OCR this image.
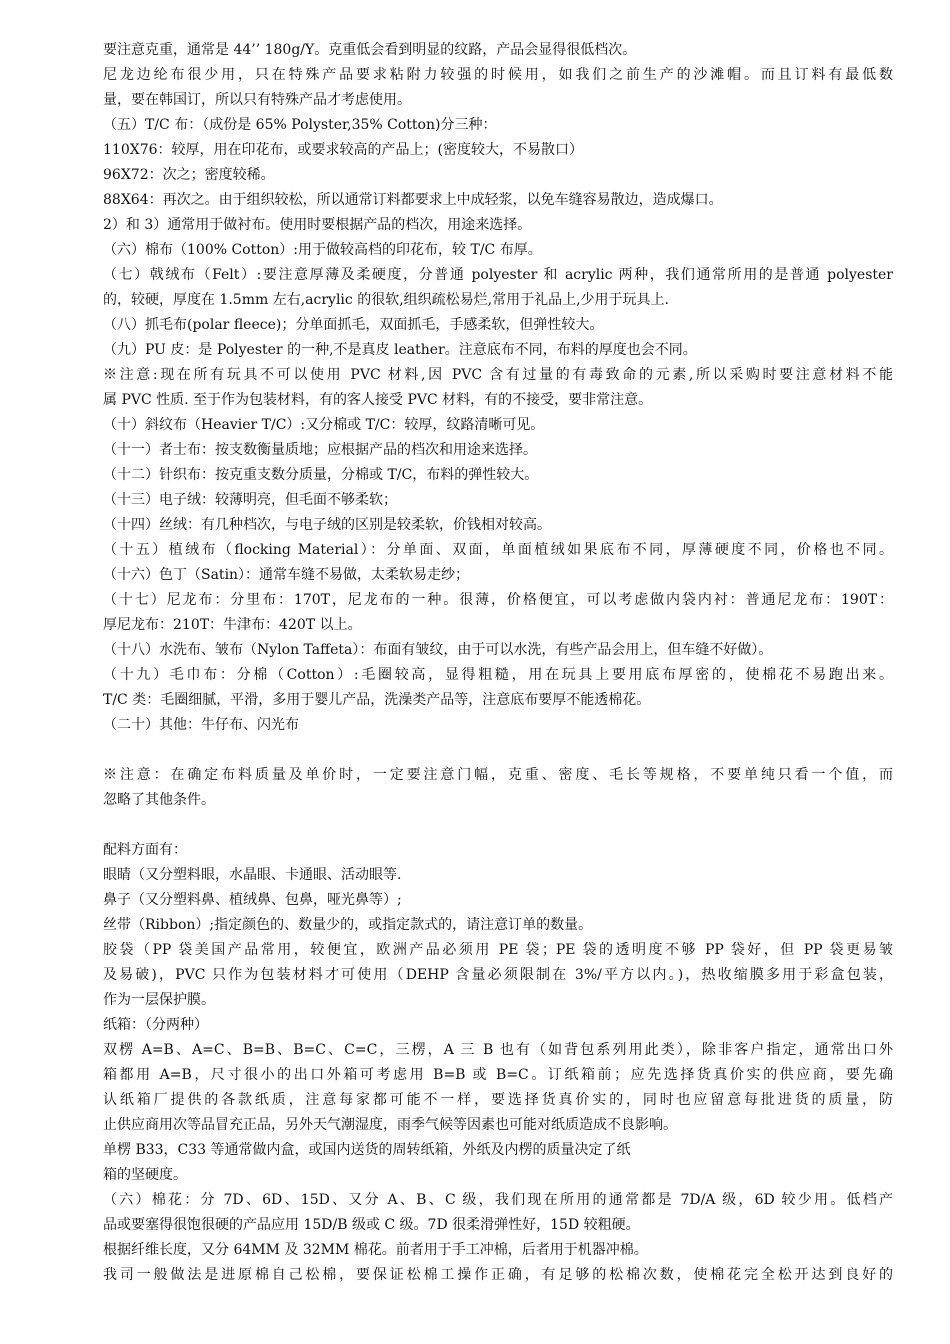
要注意克重，通常是 44’’ 180g/Y。克重低会看到明显的纹路，产品会显得很低档次。
尼龙边纶布很少用，只在特殊产品要求粘附力较强的时候用，如我们之前生产的沙滩帽。而且订料有最低数
量，要在韩国订，所以只有特殊产品才考虑使用。
（五）T/C 布：（成份是 65% Polyster,35% Cotton)分三种：
110X76：较厚，用在印花布，或要求较高的产品上；(密度较大，不易散口）
96X72：次之；密度较稀。
88X64：再次之。由于组织较松，所以通常订料都要求上中成轻浆，以免车缝容易散边，造成爆口。
2）和 3）通常用于做衬布。使用时要根据产品的档次，用途来选择。
（六）棉布（100% Cotton）:用于做较高档的印花布，较 T/C 布厚。
（七）戟绒布（Felt）:要注意厚薄及柔硬度，分普通 polyester 和 acrylic 两种，我们通常所用的是普通 polyester
的，较硬，厚度在 1.5mm 左右,acrylic 的很软,组织疏松易烂,常用于礼品上,少用于玩具上.
（八）抓毛布(polar fleece)；分单面抓毛，双面抓毛，手感柔软，但弹性较大。
（九）PU 皮：是 Polyester 的一种,不是真皮 leather。注意底布不同，布料的厚度也会不同。
※注意:现在所有玩具不可以使用 PVC 材料,因 PVC 含有过量的有毒致命的元素,所以采购时要注意材料不能
属 PVC 性质. 至于作为包装材料，有的客人接受 PVC 材料，有的不接受，要非常注意。
（十）斜纹布（Heavier T/C）:又分棉或 T/C：较厚，纹路清晰可见。
（十一）者士布：按支数衡量质地；应根据产品的档次和用途来选择。
（十二）针织布：按克重支数分质量，分棉或 T/C，布料的弹性较大。
（十三）电子绒：较薄明亮，但毛面不够柔软；
（十四）丝绒：有几种档次，与电子绒的区别是较柔软，价钱相对较高。
（十五）植绒布（flocking Material）：分单面、双面，单面植绒如果底布不同，厚薄硬度不同，价格也不同。
（十六）色丁（Satin）：通常车缝不易做，太柔软易走纱；
（十七）尼龙布：分里布：170T，尼龙布的一种。很薄，价格便宜，可以考虑做内袋内衬：普通尼龙布：190T：
厚尼龙布：210T：牛津布：420T 以上。
（十八）水洗布、皱布（Nylon Taffeta）：布面有皱纹，由于可以水洗，有些产品会用上，但车缝不好做）。
（十九）毛巾布：分棉（Cotton）:毛圈较高，显得粗糙，用在玩具上要用底布厚密的，使棉花不易跑出来。
T/C 类：毛圈细腻，平滑，多用于婴儿产品，洗澡类产品等，注意底布要厚不能透棉花。
（二十）其他：牛仔布、闪光布
※注意：在确定布料质量及单价时，一定要注意门幅，克重、密度、毛长等规格，不要单纯只看一个值，而
忽略了其他条件。
配料方面有：
眼睛（又分塑料眼，水晶眼、卡通眼、活动眼等.
鼻子（又分塑料鼻、植绒鼻、包鼻，哑光鼻等）;
丝带（Ribbon）;指定颜色的、数量少的，或指定款式的，请注意订单的数量。
胶袋（PP 袋美国产品常用，较便宜，欧洲产品必须用 PE 袋；PE 袋的透明度不够 PP 袋好，但 PP 袋更易皱
及易破)，PVC 只作为包装材料才可使用（DEHP 含量必须限制在 3%/平方以内。)，热收缩膜多用于彩盒包装，
作为一层保护膜。
纸箱：（分两种）
双楞 A=B、A=C、B=B、B=C、C=C，三楞，A 三 B 也有（如背包系列用此类），除非客户指定，通常出口外
箱都用 A=B，尺寸很小的出口外箱可考虑用 B=B 或 B=C。订纸箱前；应先选择货真价实的供应商，要先确
认纸箱厂提供的各款纸质，注意每家都可能不一样，要选择货真价实的，同时也应留意每批进货的质量，防
止供应商用次等品冒充正品，另外天气潮湿度，雨季气候等因素也可能对纸质造成不良影响。
单楞 B33，C33 等通常做内盒，或国内送货的周转纸箱，外纸及内楞的质量决定了纸
箱的坚硬度。
（六）棉花：分 7D、6D、15D、又分 A、B、C 级，我们现在所用的通常都是 7D/A 级，6D 较少用。低档产
品或要塞得很饱很硬的产品应用 15D/B 级或 C 级。7D 很柔滑弹性好，15D 较粗硬。
根据纤维长度，又分 64MM 及 32MM 棉花。前者用于手工冲棉，后者用于机器冲棉。
我司一般做法是进原棉自己松棉，要保证松棉工操作正确，有足够的松棉次数，使棉花完全松开达到良好的
